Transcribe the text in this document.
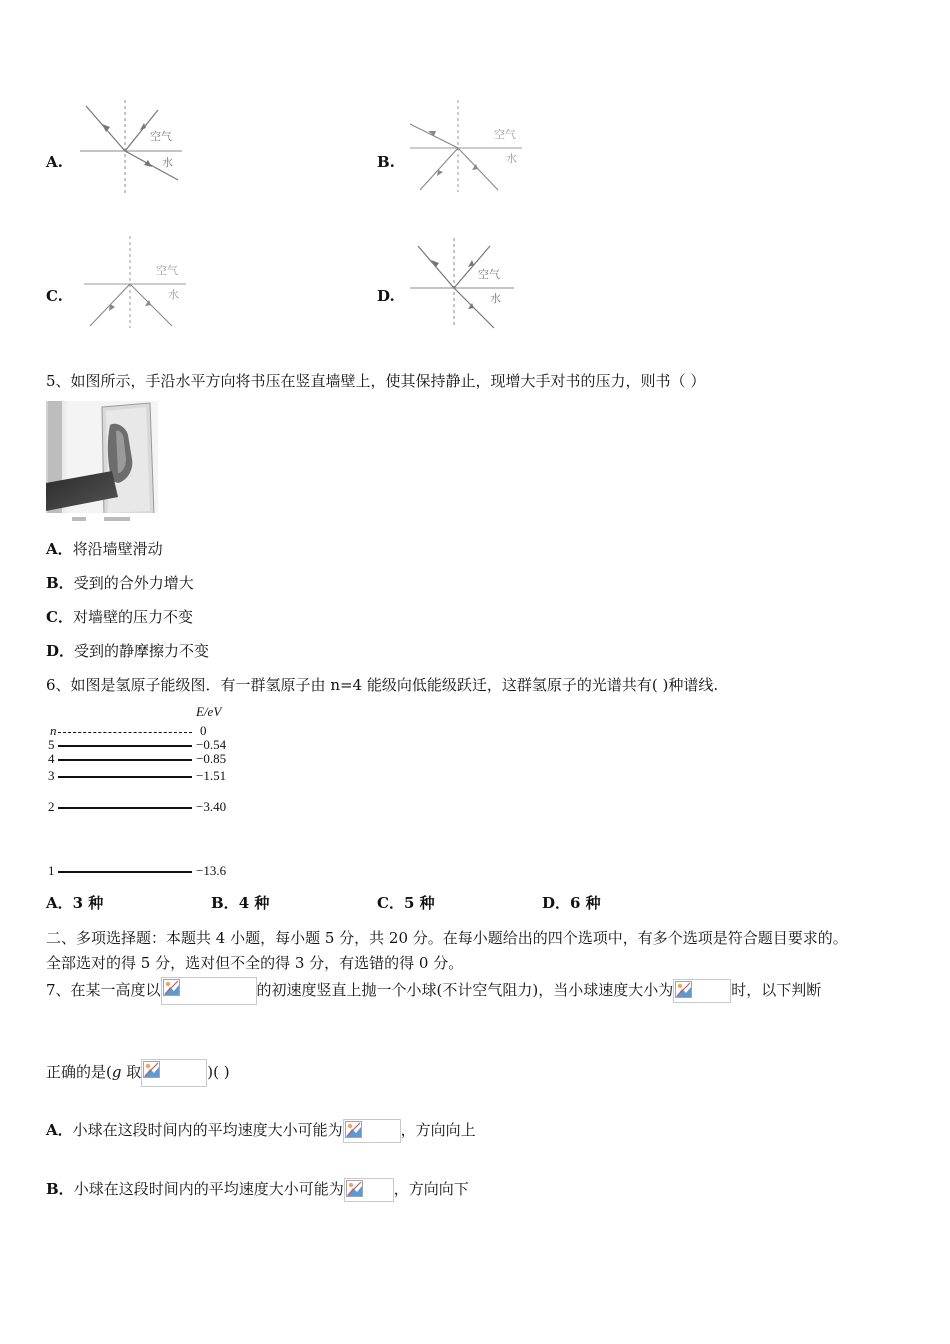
A.
空气
水	B.
空气
水
C.
空气
水	D.
空气
水
5、如图所示，手沿水平方向将书压在竖直墙壁上，使其保持静止，现增大手对书的压力，则书（ ）
A．将沿墙壁滑动
B．受到的合外力增大
C．对墙壁的压力不变
D．受到的静摩擦力不变
6、如图是氢原子能级图．有一群氢原子由 n=4 能级向低能级跃迁，这群氢原子的光谱共有( )种谱线.
E/eV
n	0
5	−0.54
4	−0.85
3	−1.51
2	−3.40
1	−13.6
A．3 种	B．4 种	C．5 种	D．6 种
二、多项选择题：本题共 4 小题，每小题 5 分，共 20 分。在每小题给出的四个选项中，有多个选项是符合题目要求的。
全部选对的得 5 分，选对但不全的得 3 分，有选错的得 0 分。
7、在某一高度以	的初速度竖直上抛一个小球(不计空气阻力)，当小球速度大小为	时，以下判断
正确的是(g 取	)( )
A．小球在这段时间内的平均速度大小可能为	，方向向上
B．小球在这段时间内的平均速度大小可能为	，方向向下
